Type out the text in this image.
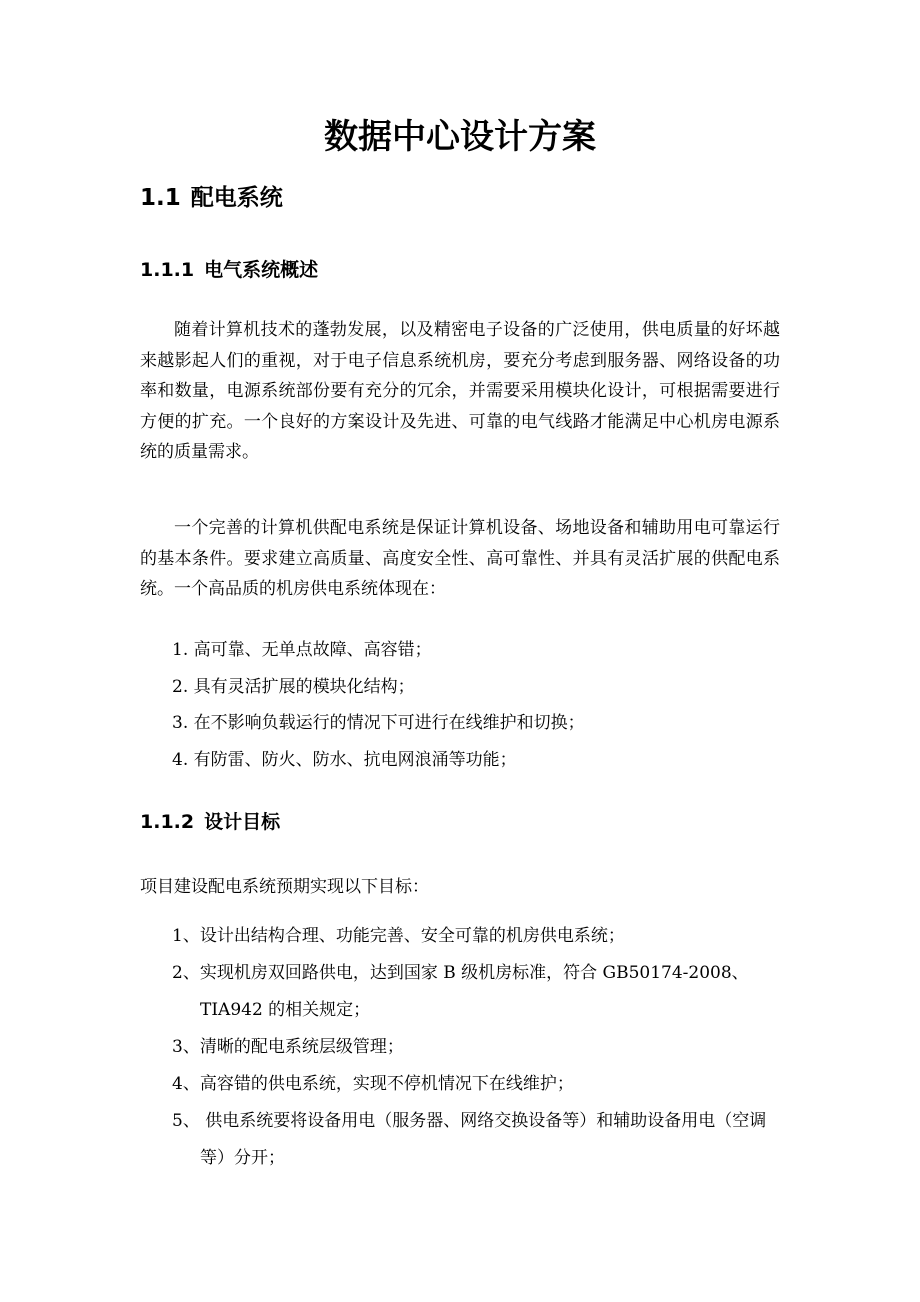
数据中心设计方案
1.1 配电系统
1.1.1 电气系统概述

随着计算机技术的蓬勃发展，以及精密电子设备的广泛使用，供电质量的好坏越来越影起人们的重视，对于电子信息系统机房，要充分考虑到服务器、网络设备的功率和数量，电源系统部份要有充分的冗余，并需要采用模块化设计，可根据需要进行方便的扩充。一个良好的方案设计及先进、可靠的电气线路才能满足中心机房电源系统的质量需求。

一个完善的计算机供配电系统是保证计算机设备、场地设备和辅助用电可靠运行的基本条件。要求建立高质量、高度安全性、高可靠性、并具有灵活扩展的供配电系统。一个高品质的机房供电系统体现在：

1. 高可靠、无单点故障、高容错；
2. 具有灵活扩展的模块化结构；
3. 在不影响负载运行的情况下可进行在线维护和切换；
4. 有防雷、防火、防水、抗电网浪涌等功能；
1.1.2 设计目标

项目建设配电系统预期实现以下目标：

1、设计出结构合理、功能完善、安全可靠的机房供电系统；
2、实现机房双回路供电，达到国家 B 级机房标准，符合 GB50174-2008、TIA942 的相关规定；
3、清晰的配电系统层级管理；
4、高容错的供电系统，实现不停机情况下在线维护；
5、 供电系统要将设备用电（服务器、网络交换设备等）和辅助设备用电（空调等）分开；
